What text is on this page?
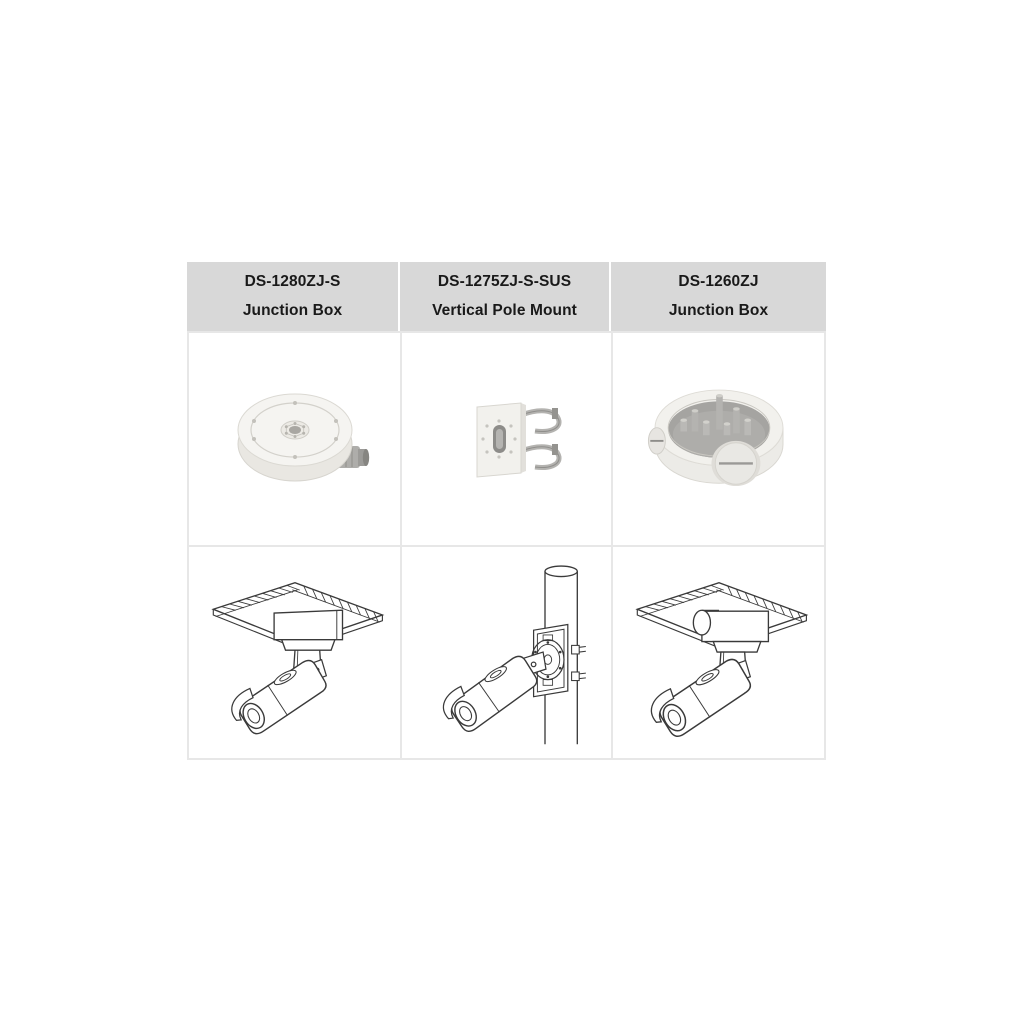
DS-1280ZJ-S
Junction Box
DS-1275ZJ-S-SUS
Vertical Pole Mount
DS-1260ZJ
Junction Box
